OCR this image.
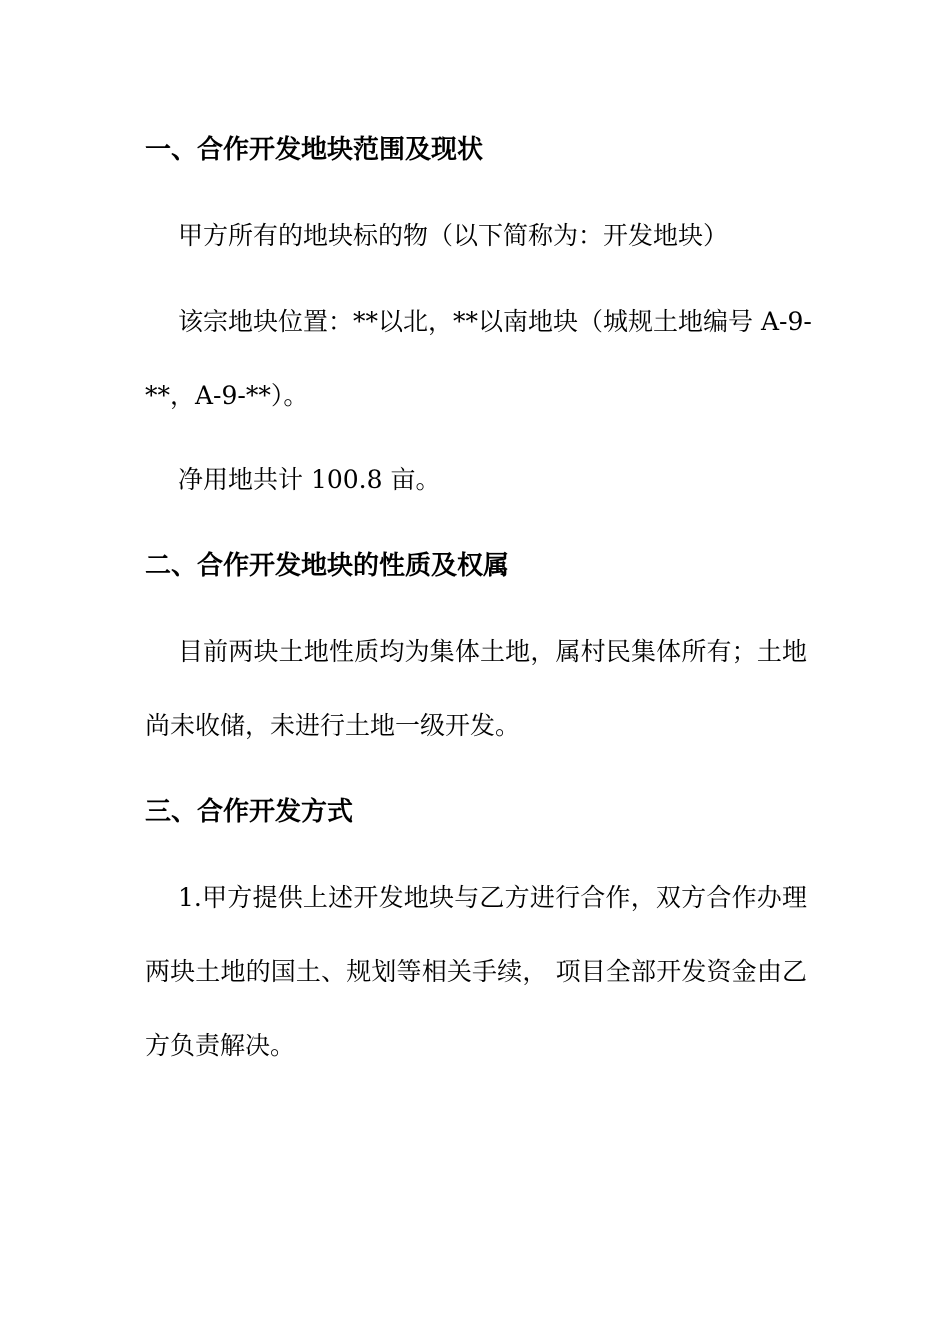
一、合作开发地块范围及现状
甲方所有的地块标的物（以下简称为：开发地块）
该宗地块位置：**以北，**以南地块（城规土地编号 A-9-
**，A-9-**）。
净用地共计 100.8 亩。
二、合作开发地块的性质及权属
目前两块土地性质均为集体土地，属村民集体所有；土地
尚未收储，未进行土地一级开发。
三、合作开发方式
1.甲方提供上述开发地块与乙方进行合作，双方合作办理
两块土地的国土、规划等相关手续， 项目全部开发资金由乙
方负责解决。
